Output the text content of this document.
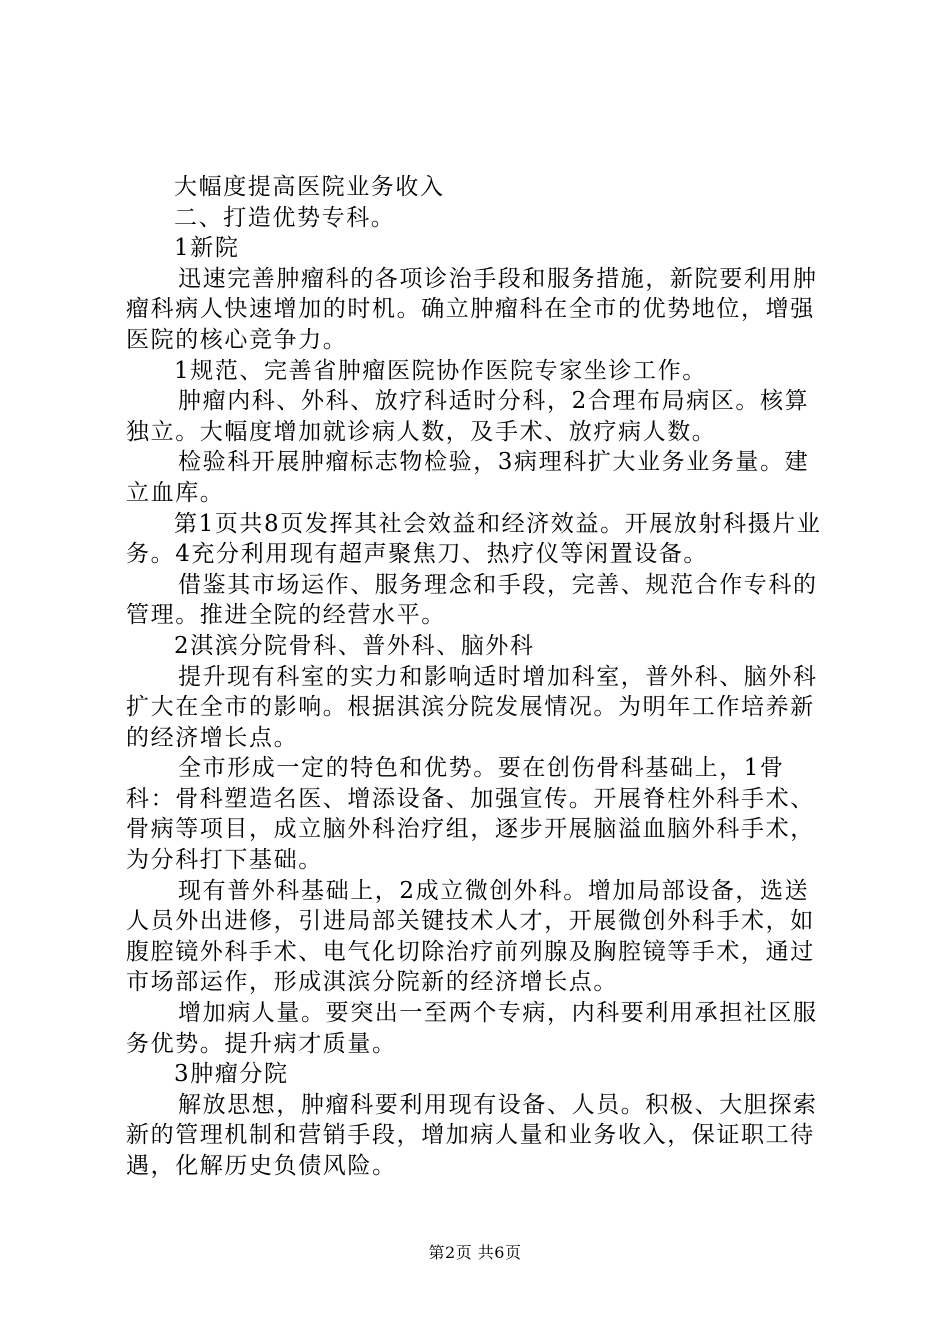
大幅度提高医院业务收入

二、打造优势专科。

1新院

迅速完善肿瘤科的各项诊治手段和服务措施，新院要利用肿瘤科病人快速增加的时机。确立肿瘤科在全市的优势地位，增强医院的核心竞争力。

1规范、完善省肿瘤医院协作医院专家坐诊工作。

肿瘤内科、外科、放疗科适时分科，2合理布局病区。核算独立。大幅度增加就诊病人数，及手术、放疗病人数。

检验科开展肿瘤标志物检验，3病理科扩大业务业务量。建立血库。

第1页共8页发挥其社会效益和经济效益。开展放射科摄片业务。4充分利用现有超声聚焦刀、热疗仪等闲置设备。

借鉴其市场运作、服务理念和手段，完善、规范合作专科的管理。推进全院的经营水平。

2淇滨分院骨科、普外科、脑外科

提升现有科室的实力和影响适时增加科室，普外科、脑外科扩大在全市的影响。根据淇滨分院发展情况。为明年工作培养新的经济增长点。

全市形成一定的特色和优势。要在创伤骨科基础上，1骨科：骨科塑造名医、增添设备、加强宣传。开展脊柱外科手术、骨病等项目，成立脑外科治疗组，逐步开展脑溢血脑外科手术，为分科打下基础。

现有普外科基础上，2成立微创外科。增加局部设备，选送人员外出进修，引进局部关键技术人才，开展微创外科手术，如腹腔镜外科手术、电气化切除治疗前列腺及胸腔镜等手术，通过市场部运作，形成淇滨分院新的经济增长点。

增加病人量。要突出一至两个专病，内科要利用承担社区服务优势。提升病才质量。

3肿瘤分院

解放思想，肿瘤科要利用现有设备、人员。积极、大胆探索新的管理机制和营销手段，增加病人量和业务收入，保证职工待遇，化解历史负债风险。

第2页 共6页
